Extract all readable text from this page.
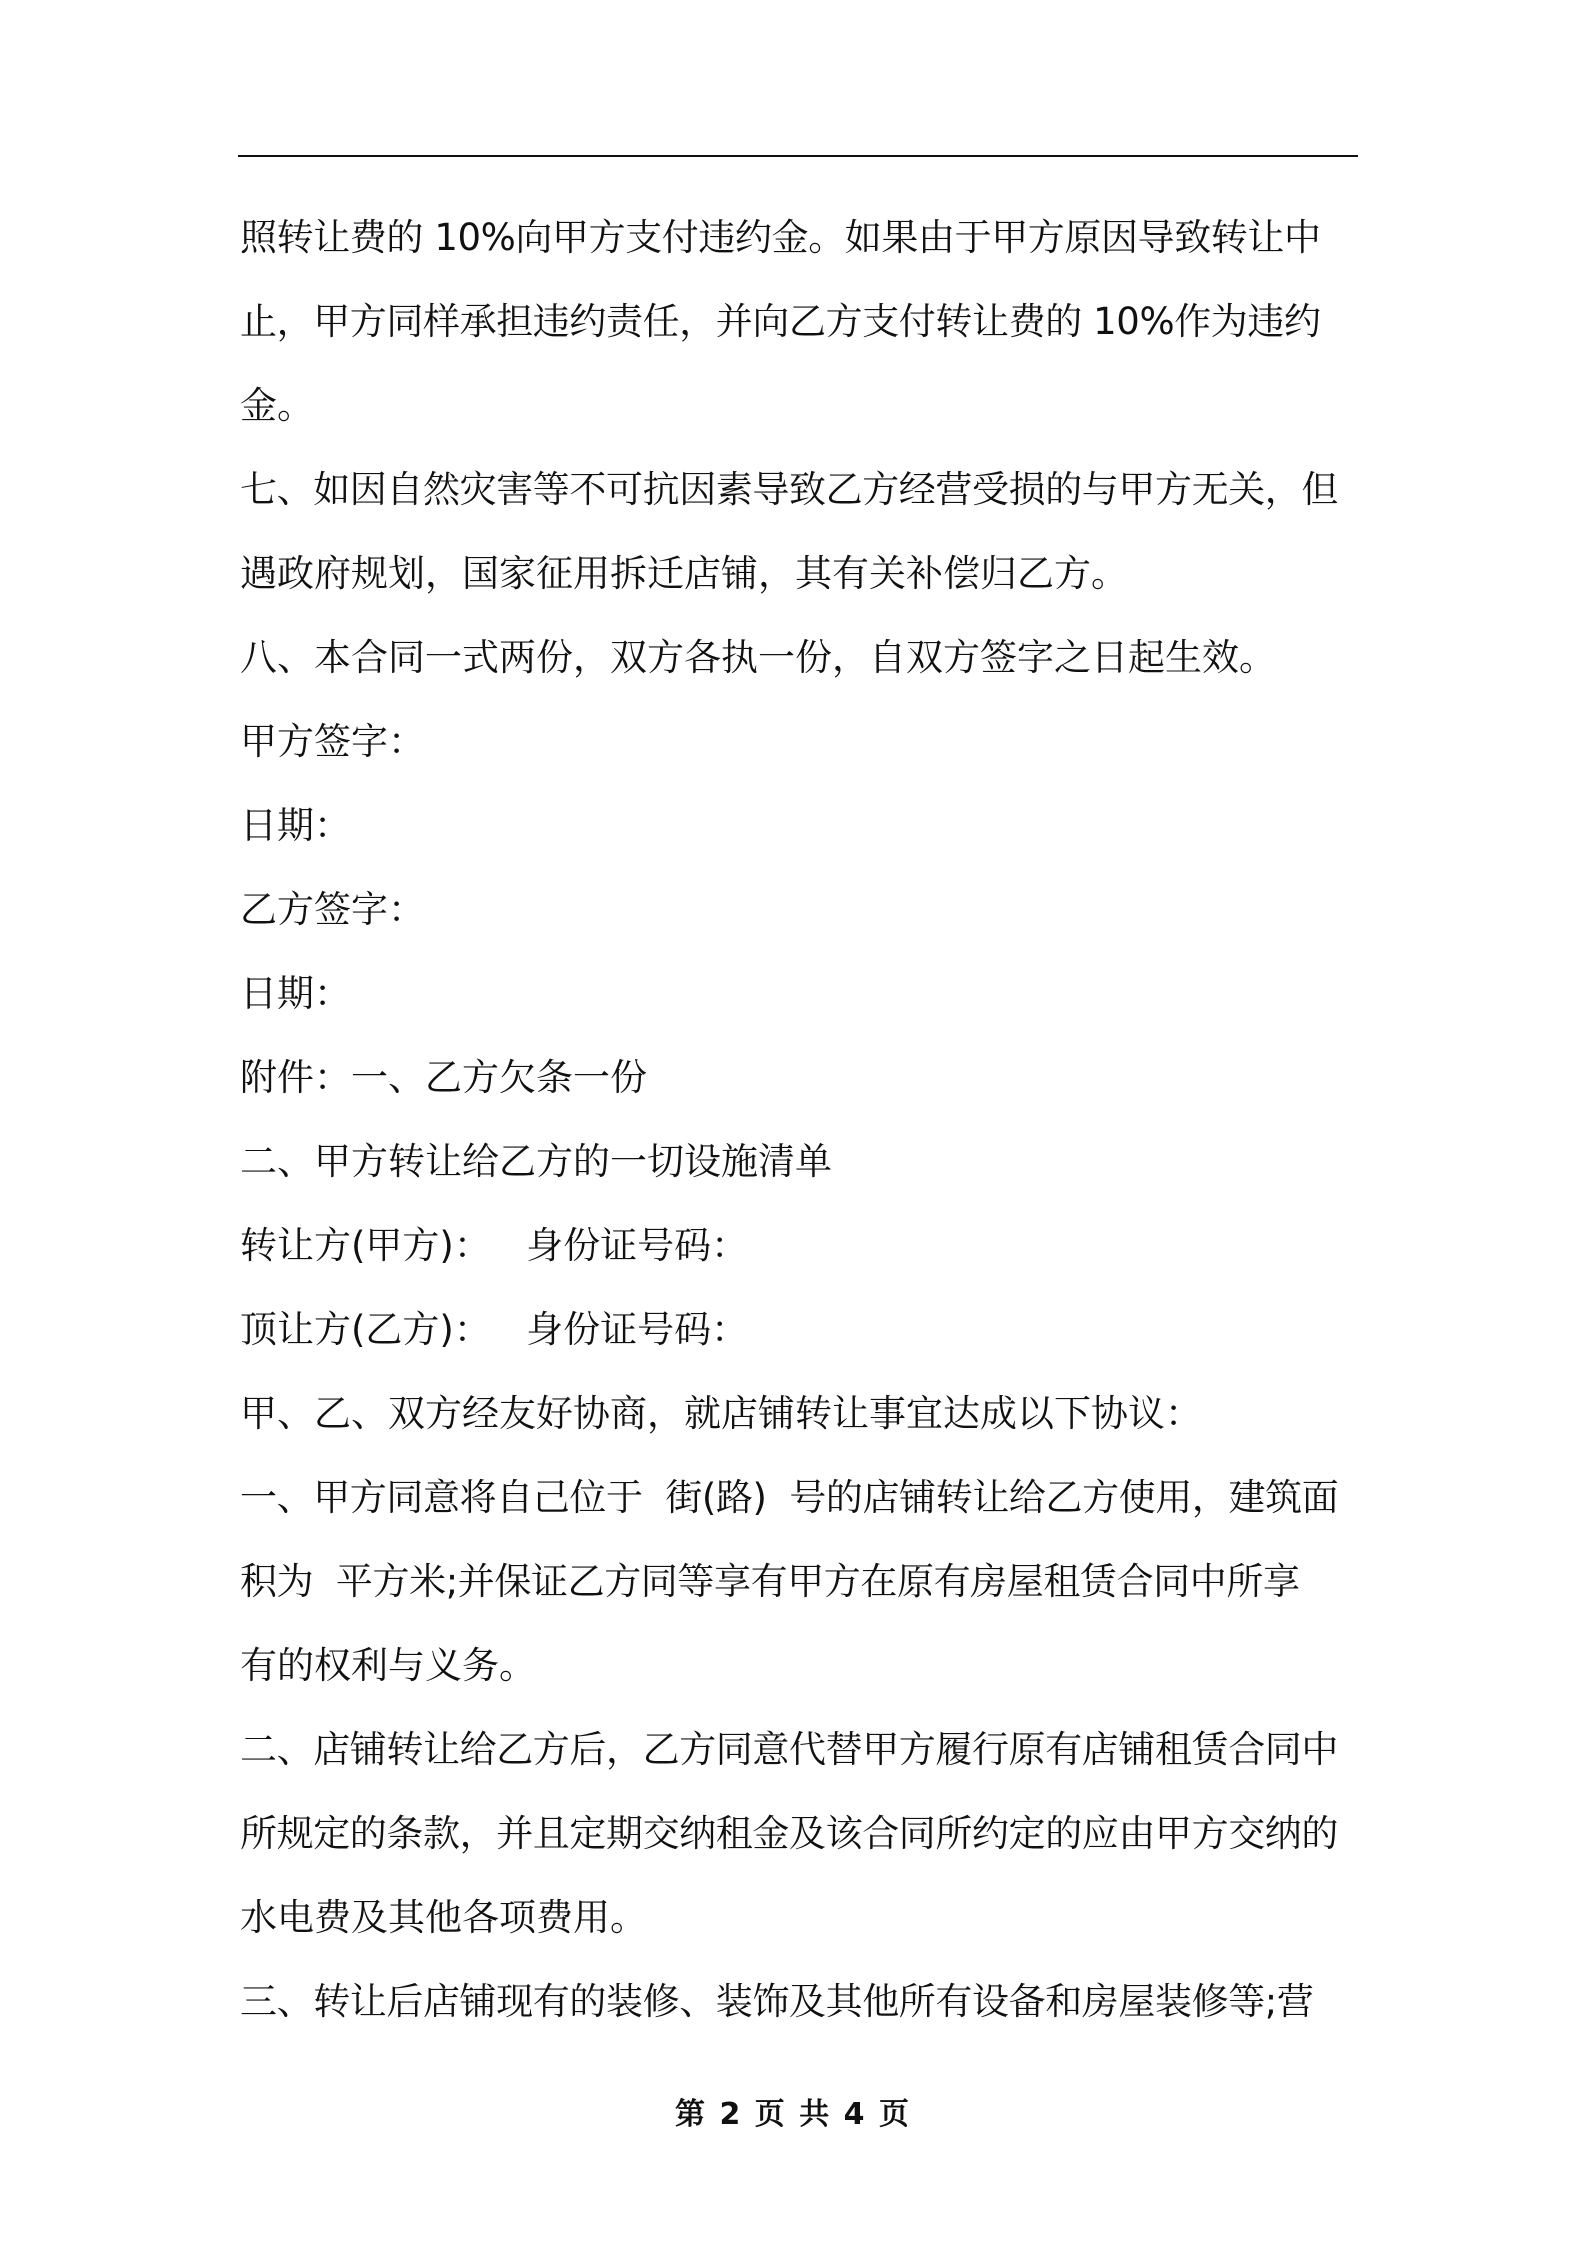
照转让费的 10%向甲方支付违约金。如果由于甲方原因导致转让中
止，甲方同样承担违约责任，并向乙方支付转让费的 10%作为违约
金。
七、如因自然灾害等不可抗因素导致乙方经营受损的与甲方无关，但
遇政府规划，国家征用拆迁店铺，其有关补偿归乙方。
八、本合同一式两份，双方各执一份，自双方签字之日起生效。
甲方签字：
日期：
乙方签字：
日期：
附件：一、乙方欠条一份
二、甲方转让给乙方的一切设施清单
转让方(甲方)：   身份证号码：
顶让方(乙方)：   身份证号码：
甲、乙、双方经友好协商，就店铺转让事宜达成以下协议：
一、甲方同意将自己位于  街(路)  号的店铺转让给乙方使用，建筑面
积为  平方米;并保证乙方同等享有甲方在原有房屋租赁合同中所享
有的权利与义务。
二、店铺转让给乙方后，乙方同意代替甲方履行原有店铺租赁合同中
所规定的条款，并且定期交纳租金及该合同所约定的应由甲方交纳的
水电费及其他各项费用。
三、转让后店铺现有的装修、装饰及其他所有设备和房屋装修等;营
第 2 页 共 4 页
